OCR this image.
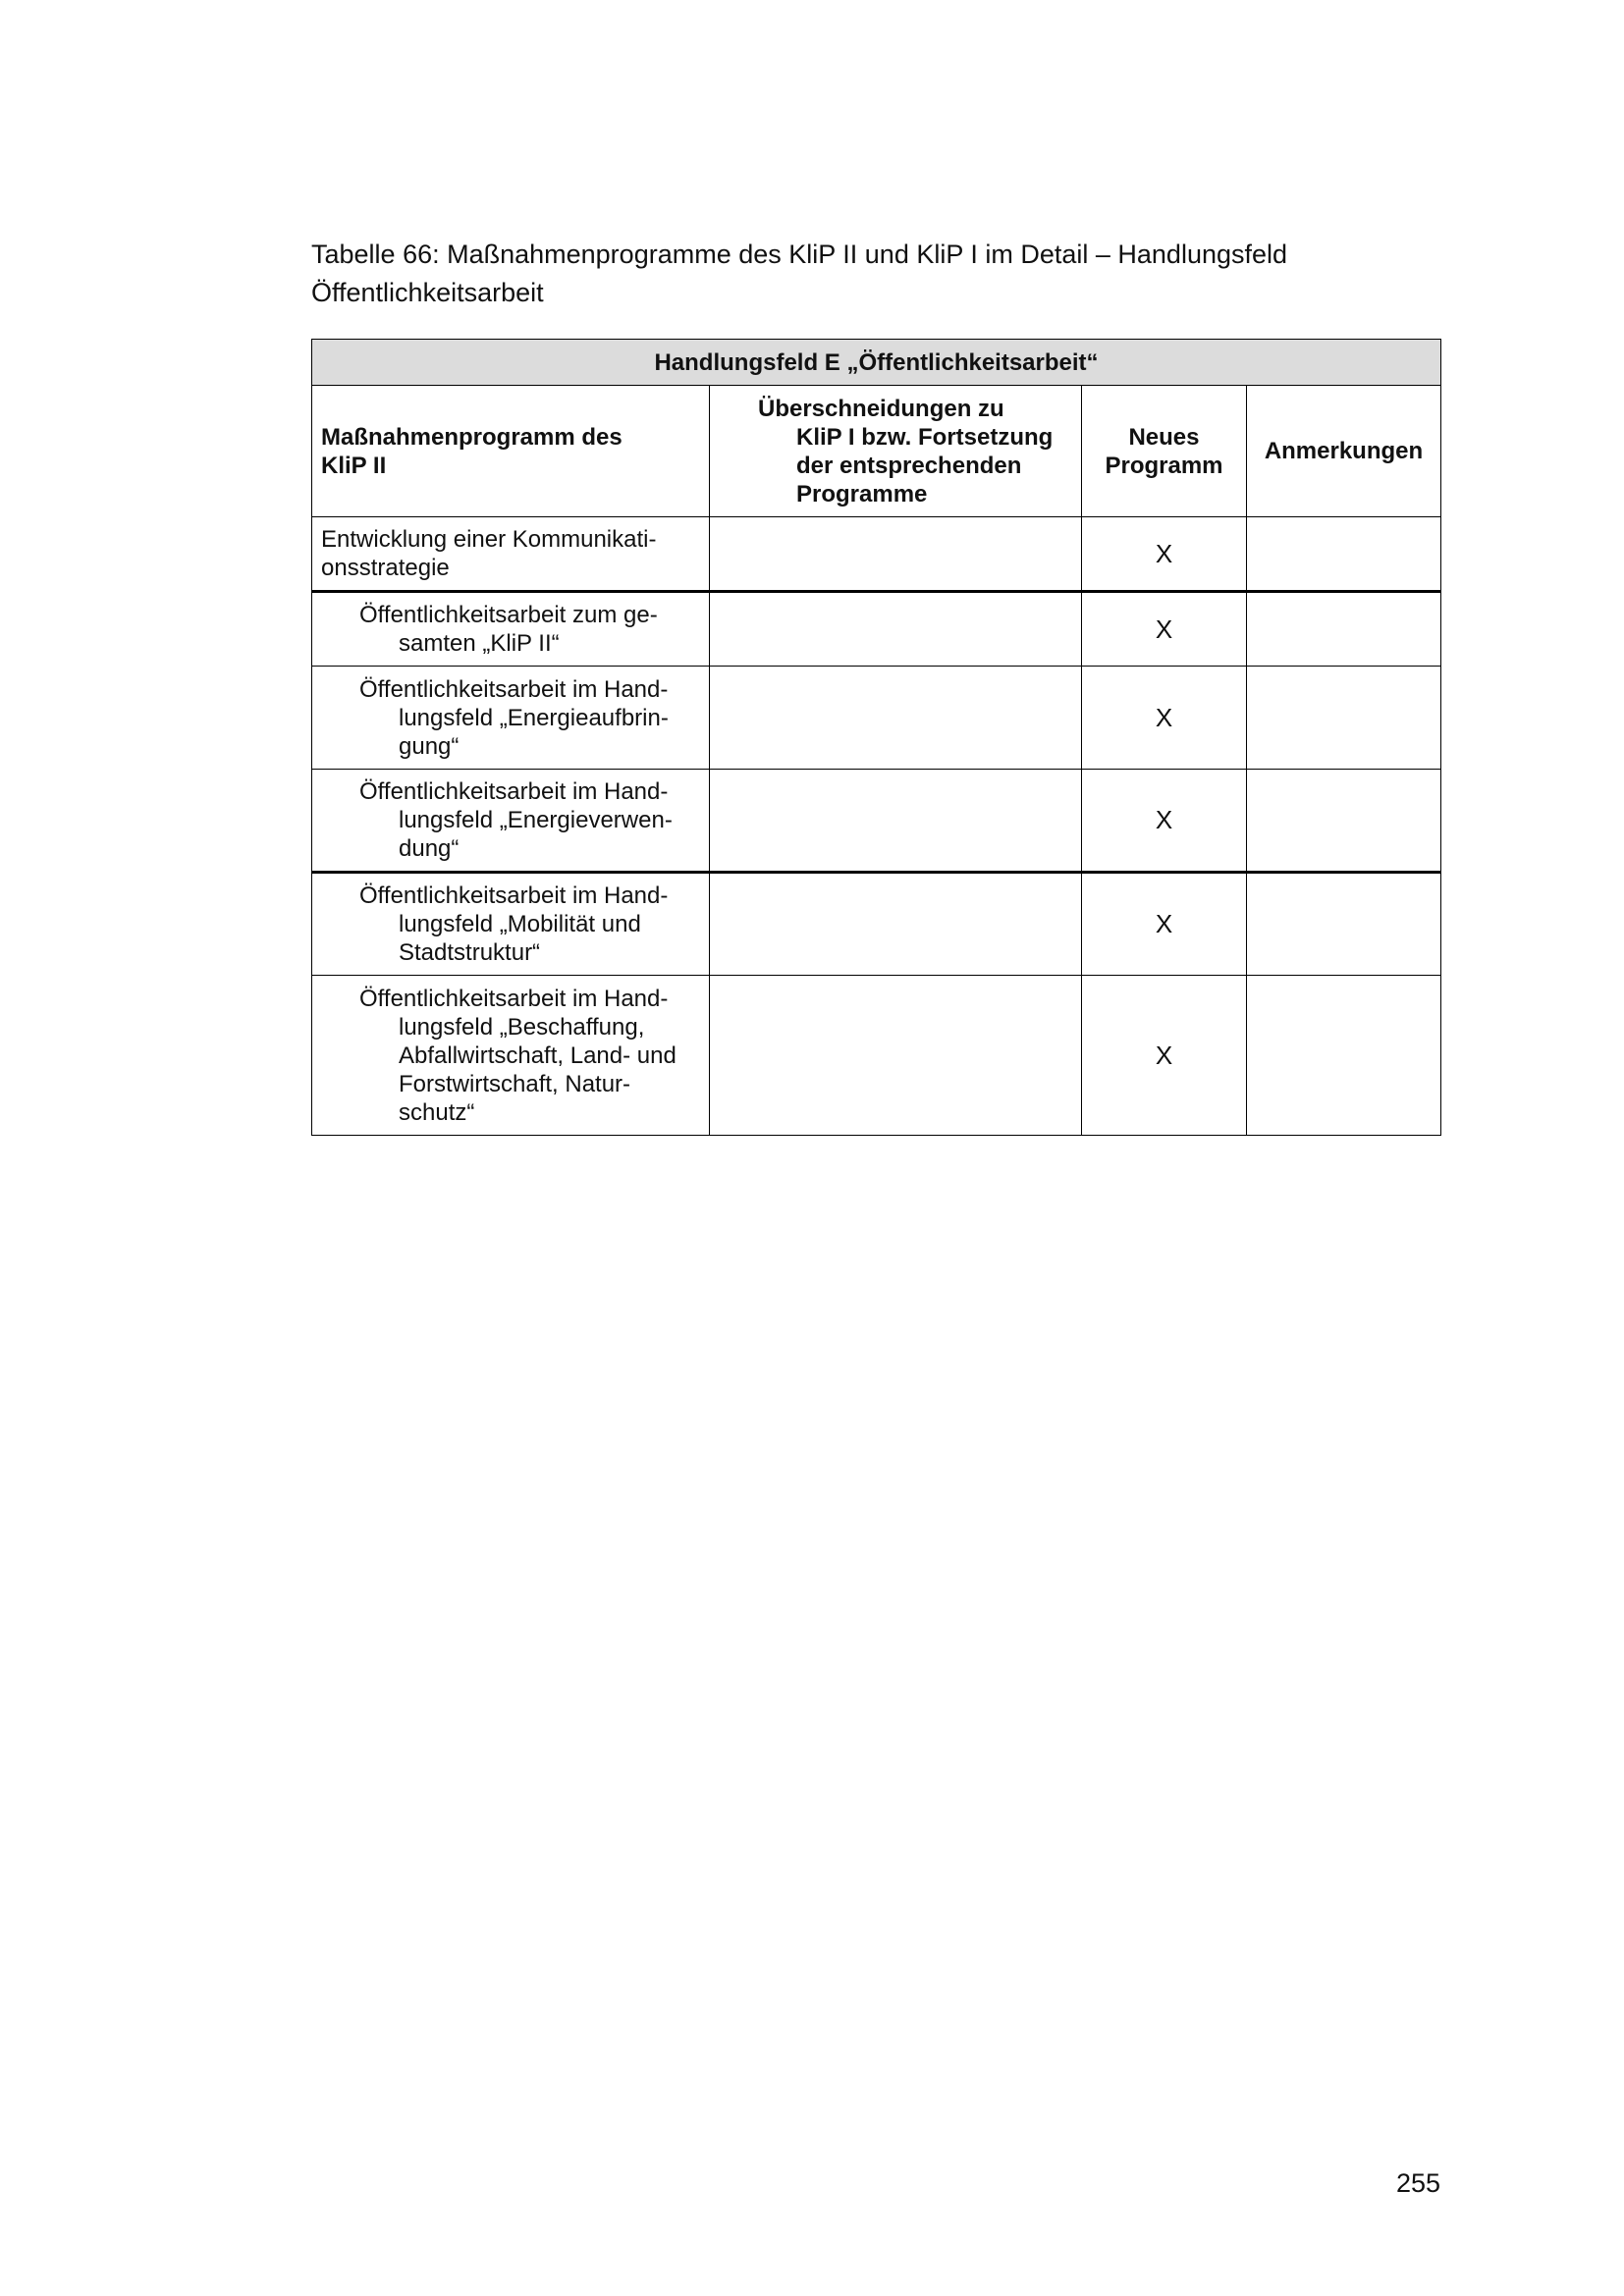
Tabelle 66: Maßnahmenprogramme des KliP II und KliP I im Detail – Handlungsfeld
Öffentlichkeitsarbeit

Handlungsfeld E „Öffentlichkeitsarbeit“			
Maßnahmenprogramm des
KliP II	Überschneidungen zu
KliP I bzw. Fortsetzung
der entsprechenden
Programme	Neues
Programm	Anmerkungen
Entwicklung einer Kommunikati-
onsstrategie		X	
Öffentlichkeitsarbeit zum ge-
samten „KliP II“		X	
Öffentlichkeitsarbeit im Hand-
lungsfeld „Energieaufbrin-
gung“		X	
Öffentlichkeitsarbeit im Hand-
lungsfeld „Energieverwen-
dung“		X	
Öffentlichkeitsarbeit im Hand-
lungsfeld „Mobilität und
Stadtstruktur“		X	
Öffentlichkeitsarbeit im Hand-
lungsfeld „Beschaffung,
Abfallwirtschaft, Land- und
Forstwirtschaft, Natur-
schutz“		X	
255
